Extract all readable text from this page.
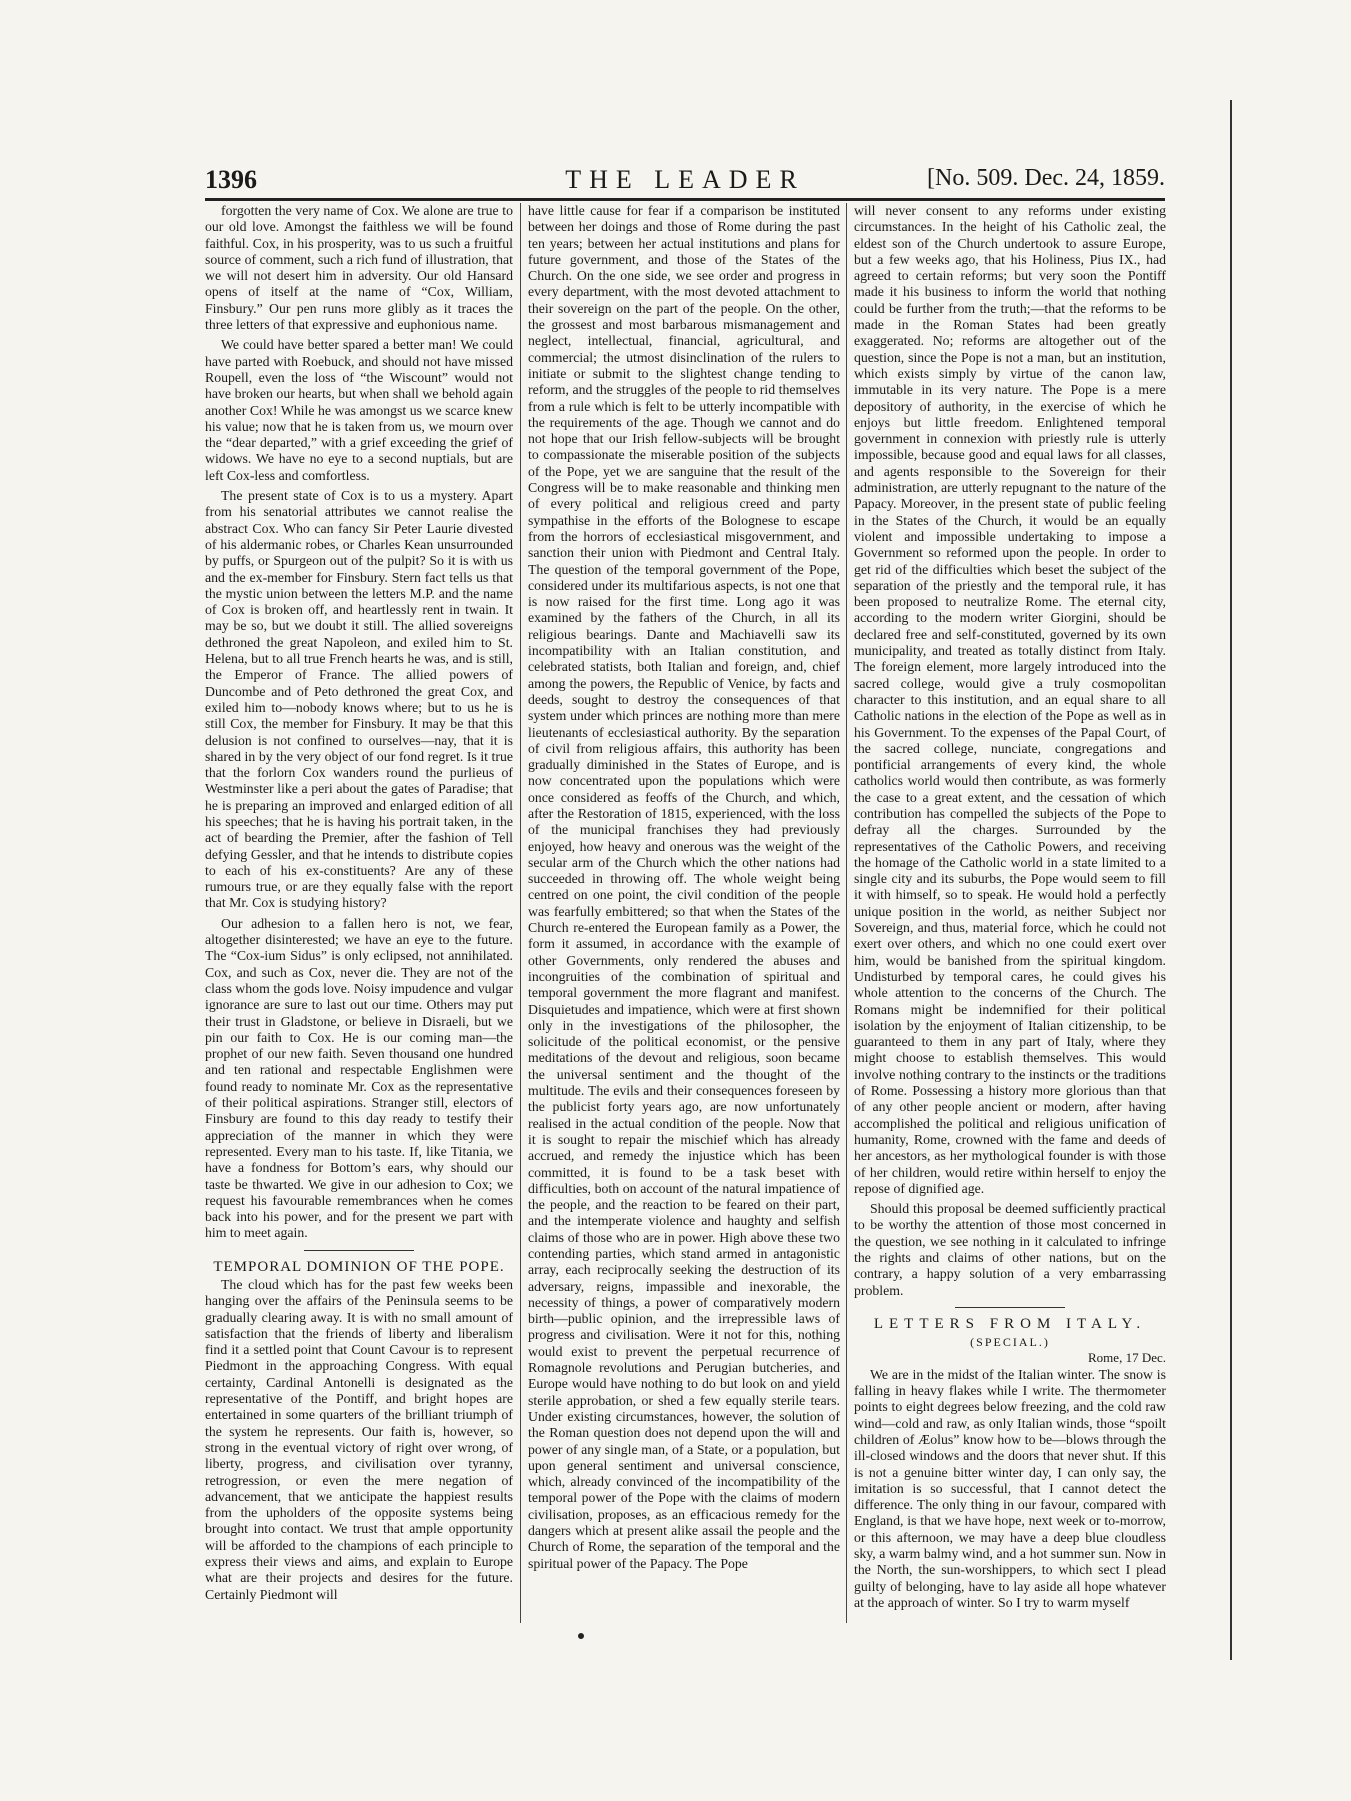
1396	THE LEADER	[No. 509. Dec. 24, 1859.

forgotten the very name of Cox. We alone are true to our old love. Amongst the faithless we will be found faithful. Cox, in his prosperity, was to us such a fruitful source of comment, such a rich fund of illustration, that we will not desert him in adversity. Our old Hansard opens of itself at the name of “Cox, William, Finsbury.” Our pen runs more glibly as it traces the three letters of that expressive and euphonious name.

We could have better spared a better man! We could have parted with Roebuck, and should not have missed Roupell, even the loss of “the Wiscount” would not have broken our hearts, but when shall we behold again another Cox! While he was amongst us we scarce knew his value; now that he is taken from us, we mourn over the “dear departed,” with a grief exceeding the grief of widows. We have no eye to a second nuptials, but are left Cox-less and comfortless.

The present state of Cox is to us a mystery. Apart from his senatorial attributes we cannot realise the abstract Cox. Who can fancy Sir Peter Laurie divested of his aldermanic robes, or Charles Kean unsurrounded by puffs, or Spurgeon out of the pulpit? So it is with us and the ex-member for Finsbury. Stern fact tells us that the mystic union between the letters M.P. and the name of Cox is broken off, and heartlessly rent in twain. It may be so, but we doubt it still. The allied sovereigns dethroned the great Napoleon, and exiled him to St. Helena, but to all true French hearts he was, and is still, the Emperor of France. The allied powers of Duncombe and of Peto dethroned the great Cox, and exiled him to—nobody knows where; but to us he is still Cox, the member for Finsbury. It may be that this delusion is not confined to ourselves—nay, that it is shared in by the very object of our fond regret. Is it true that the forlorn Cox wanders round the purlieus of Westminster like a peri about the gates of Paradise; that he is preparing an improved and enlarged edition of all his speeches; that he is having his portrait taken, in the act of bearding the Premier, after the fashion of Tell defying Gessler, and that he intends to distribute copies to each of his ex-constituents? Are any of these rumours true, or are they equally false with the report that Mr. Cox is studying history?

Our adhesion to a fallen hero is not, we fear, altogether disinterested; we have an eye to the future. The “Cox-ium Sidus” is only eclipsed, not annihilated. Cox, and such as Cox, never die. They are not of the class whom the gods love. Noisy impudence and vulgar ignorance are sure to last out our time. Others may put their trust in Gladstone, or believe in Disraeli, but we pin our faith to Cox. He is our coming man—the prophet of our new faith. Seven thousand one hundred and ten rational and respectable Englishmen were found ready to nominate Mr. Cox as the representative of their political aspirations. Stranger still, electors of Finsbury are found to this day ready to testify their appreciation of the manner in which they were represented. Every man to his taste. If, like Titania, we have a fondness for Bottom’s ears, why should our taste be thwarted. We give in our adhesion to Cox; we request his favourable remembrances when he comes back into his power, and for the present we part with him to meet again.

TEMPORAL DOMINION OF THE POPE.

The cloud which has for the past few weeks been hanging over the affairs of the Peninsula seems to be gradually clearing away. It is with no small amount of satisfaction that the friends of liberty and liberalism find it a settled point that Count Cavour is to represent Piedmont in the approaching Congress. With equal certainty, Cardinal Antonelli is designated as the representative of the Pontiff, and bright hopes are entertained in some quarters of the brilliant triumph of the system he represents. Our faith is, however, so strong in the eventual victory of right over wrong, of liberty, progress, and civilisation over tyranny, retrogression, or even the mere negation of advancement, that we anticipate the happiest results from the upholders of the opposite systems being brought into contact. We trust that ample opportunity will be afforded to the champions of each principle to express their views and aims, and explain to Europe what are their projects and desires for the future. Certainly Piedmont will

have little cause for fear if a comparison be instituted between her doings and those of Rome during the past ten years; between her actual institutions and plans for future government, and those of the States of the Church. On the one side, we see order and progress in every department, with the most devoted attachment to their sovereign on the part of the people. On the other, the grossest and most barbarous mismanagement and neglect, intellectual, financial, agricultural, and commercial; the utmost disinclination of the rulers to initiate or submit to the slightest change tending to reform, and the struggles of the people to rid themselves from a rule which is felt to be utterly incompatible with the requirements of the age. Though we cannot and do not hope that our Irish fellow-subjects will be brought to compassionate the miserable position of the subjects of the Pope, yet we are sanguine that the result of the Congress will be to make reasonable and thinking men of every political and religious creed and party sympathise in the efforts of the Bolognese to escape from the horrors of ecclesiastical misgovernment, and sanction their union with Piedmont and Central Italy. The question of the temporal government of the Pope, considered under its multifarious aspects, is not one that is now raised for the first time. Long ago it was examined by the fathers of the Church, in all its religious bearings. Dante and Machiavelli saw its incompatibility with an Italian constitution, and celebrated statists, both Italian and foreign, and, chief among the powers, the Republic of Venice, by facts and deeds, sought to destroy the consequences of that system under which princes are nothing more than mere lieutenants of ecclesiastical authority. By the separation of civil from religious affairs, this authority has been gradually diminished in the States of Europe, and is now concentrated upon the populations which were once considered as feoffs of the Church, and which, after the Restoration of 1815, experienced, with the loss of the municipal franchises they had previously enjoyed, how heavy and onerous was the weight of the secular arm of the Church which the other nations had succeeded in throwing off. The whole weight being centred on one point, the civil condition of the people was fearfully embittered; so that when the States of the Church re-entered the European family as a Power, the form it assumed, in accordance with the example of other Governments, only rendered the abuses and incongruities of the combination of spiritual and temporal government the more flagrant and manifest. Disquietudes and impatience, which were at first shown only in the investigations of the philosopher, the solicitude of the political economist, or the pensive meditations of the devout and religious, soon became the universal sentiment and the thought of the multitude. The evils and their consequences foreseen by the publicist forty years ago, are now unfortunately realised in the actual condition of the people. Now that it is sought to repair the mischief which has already accrued, and remedy the injustice which has been committed, it is found to be a task beset with difficulties, both on account of the natural impatience of the people, and the reaction to be feared on their part, and the intemperate violence and haughty and selfish claims of those who are in power. High above these two contending parties, which stand armed in antagonistic array, each reciprocally seeking the destruction of its adversary, reigns, impassible and inexorable, the necessity of things, a power of comparatively modern birth—public opinion, and the irrepressible laws of progress and civilisation. Were it not for this, nothing would exist to prevent the perpetual recurrence of Romagnole revolutions and Perugian butcheries, and Europe would have nothing to do but look on and yield sterile approbation, or shed a few equally sterile tears. Under existing circumstances, however, the solution of the Roman question does not depend upon the will and power of any single man, of a State, or a population, but upon general sentiment and universal conscience, which, already convinced of the incompatibility of the temporal power of the Pope with the claims of modern civilisation, proposes, as an efficacious remedy for the dangers which at present alike assail the people and the Church of Rome, the separation of the temporal and the spiritual power of the Papacy. The Pope

will never consent to any reforms under existing circumstances. In the height of his Catholic zeal, the eldest son of the Church undertook to assure Europe, but a few weeks ago, that his Holiness, Pius IX., had agreed to certain reforms; but very soon the Pontiff made it his business to inform the world that nothing could be further from the truth;—that the reforms to be made in the Roman States had been greatly exaggerated. No; reforms are altogether out of the question, since the Pope is not a man, but an institution, which exists simply by virtue of the canon law, immutable in its very nature. The Pope is a mere depository of authority, in the exercise of which he enjoys but little freedom. Enlightened temporal government in connexion with priestly rule is utterly impossible, because good and equal laws for all classes, and agents responsible to the Sovereign for their administration, are utterly repugnant to the nature of the Papacy. Moreover, in the present state of public feeling in the States of the Church, it would be an equally violent and impossible undertaking to impose a Government so reformed upon the people. In order to get rid of the difficulties which beset the subject of the separation of the priestly and the temporal rule, it has been proposed to neutralize Rome. The eternal city, according to the modern writer Giorgini, should be declared free and self-constituted, governed by its own municipality, and treated as totally distinct from Italy. The foreign element, more largely introduced into the sacred college, would give a truly cosmopolitan character to this institution, and an equal share to all Catholic nations in the election of the Pope as well as in his Government. To the expenses of the Papal Court, of the sacred college, nunciate, congregations and pontificial arrangements of every kind, the whole catholics world would then contribute, as was formerly the case to a great extent, and the cessation of which contribution has compelled the subjects of the Pope to defray all the charges. Surrounded by the representatives of the Catholic Powers, and receiving the homage of the Catholic world in a state limited to a single city and its suburbs, the Pope would seem to fill it with himself, so to speak. He would hold a perfectly unique position in the world, as neither Subject nor Sovereign, and thus, material force, which he could not exert over others, and which no one could exert over him, would be banished from the spiritual kingdom. Undisturbed by temporal cares, he could gives his whole attention to the concerns of the Church. The Romans might be indemnified for their political isolation by the enjoyment of Italian citizenship, to be guaranteed to them in any part of Italy, where they might choose to establish themselves. This would involve nothing contrary to the instincts or the traditions of Rome. Possessing a history more glorious than that of any other people ancient or modern, after having accomplished the political and religious unification of humanity, Rome, crowned with the fame and deeds of her ancestors, as her mythological founder is with those of her children, would retire within herself to enjoy the repose of dignified age.

Should this proposal be deemed sufficiently practical to be worthy the attention of those most concerned in the question, we see nothing in it calculated to infringe the rights and claims of other nations, but on the contrary, a happy solution of a very embarrassing problem.

LETTERS FROM ITALY.
(SPECIAL.)
Rome, 17 Dec.

We are in the midst of the Italian winter. The snow is falling in heavy flakes while I write. The thermometer points to eight degrees below freezing, and the cold raw wind—cold and raw, as only Italian winds, those “spoilt children of Æolus” know how to be—blows through the ill-closed windows and the doors that never shut. If this is not a genuine bitter winter day, I can only say, the imitation is so successful, that I cannot detect the difference. The only thing in our favour, compared with England, is that we have hope, next week or to-morrow, or this afternoon, we may have a deep blue cloudless sky, a warm balmy wind, and a hot summer sun. Now in the North, the sun-worshippers, to which sect I plead guilty of belonging, have to lay aside all hope whatever at the approach of winter. So I try to warm myself
